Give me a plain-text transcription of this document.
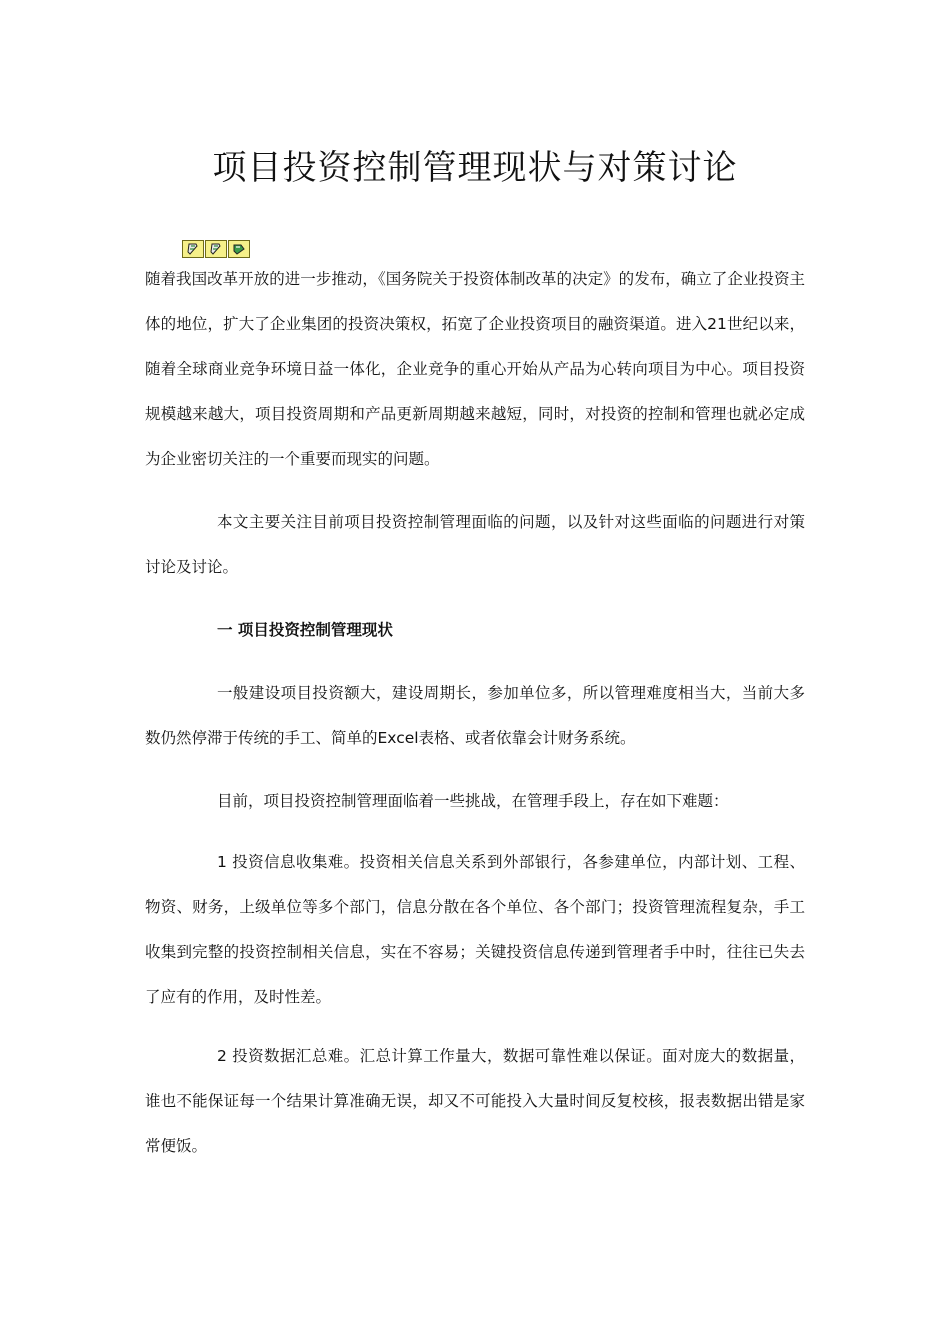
项目投资控制管理现状与对策讨论

随着我国改革开放的进一步推动，《国务院关于投资体制改革的决定》的发布，确立了企业投资主体的地位，扩大了企业集团的投资决策权，拓宽了企业投资项目的融资渠道。进入21世纪以来，随着全球商业竞争环境日益一体化，企业竞争的重心开始从产品为心转向项目为中心。项目投资规模越来越大，项目投资周期和产品更新周期越来越短，同时，对投资的控制和管理也就必定成为企业密切关注的一个重要而现实的问题。

本文主要关注目前项目投资控制管理面临的问题，以及针对这些面临的问题进行对策讨论及讨论。

一 项目投资控制管理现状

一般建设项目投资额大，建设周期长，参加单位多，所以管理难度相当大，当前大多数仍然停滞于传统的手工、简单的Excel表格、或者依靠会计财务系统。

目前，项目投资控制管理面临着一些挑战，在管理手段上，存在如下难题：

1 投资信息收集难。投资相关信息关系到外部银行，各参建单位，内部计划、工程、物资、财务，上级单位等多个部门，信息分散在各个单位、各个部门；投资管理流程复杂，手工收集到完整的投资控制相关信息，实在不容易；关键投资信息传递到管理者手中时，往往已失去了应有的作用，及时性差。

2 投资数据汇总难。汇总计算工作量大，数据可靠性难以保证。面对庞大的数据量，谁也不能保证每一个结果计算准确无误，却又不可能投入大量时间反复校核，报表数据出错是家常便饭。
